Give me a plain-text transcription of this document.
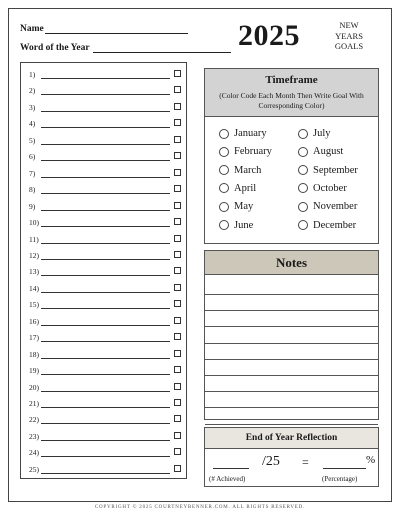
Name
Word of the Year	2025	NEW
YEARS
GOALS
1)
2)
3)
4)
5)
6)
7)
8)
9)
10)
11)
12)
13)
14)
15)
16)
17)
18)
19)
20)
21)
22)
23)
24)
25)
Timeframe
(Color Code Each Month Then Write Goal With Corresponding Color)
January
February
March
April
May
June
July
August
September
October
November
December
Notes
End of Year Reflection
/25 =	%
(# Achieved)	(Percentage)
COPYRIGHT © 2025 COURTNEYBENNER.COM. ALL RIGHTS RESERVED.
